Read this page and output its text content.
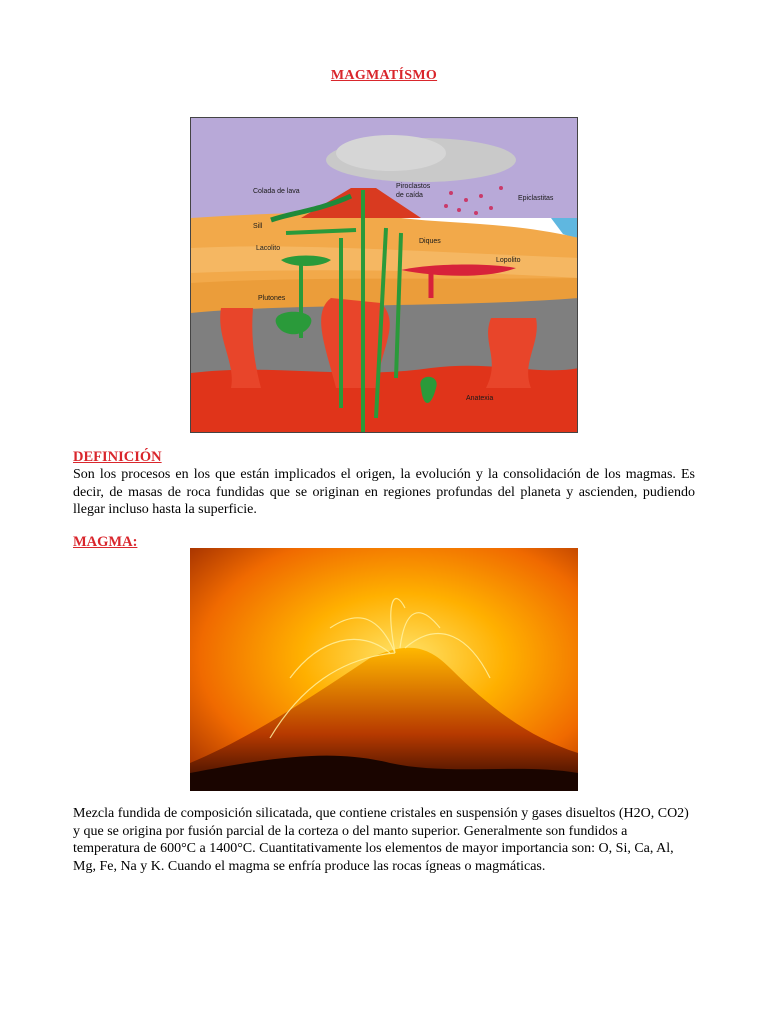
MAGMATÍSMO
Colada de lava
Piroclastos
de caída	Epiclastitas
Sill
Diques
Lacolito
Lopolito
Plutones
Anatexia
DEFINICIÓN
Son los procesos en los que están implicados el origen, la evolución y la consolidación de los magmas. Es decir, de masas de roca fundidas que se originan en regiones profundas del planeta y ascienden, pudiendo llegar incluso hasta la superficie.
MAGMA:
Mezcla fundida de composición silicatada, que contiene cristales en suspensión y gases disueltos (H2O, CO2) y que se origina por fusión parcial de la corteza o del manto superior. Generalmente son fundidos a temperatura de 600°C a 1400°C. Cuantitativamente los elementos de mayor importancia son: O, Si, Ca, Al, Mg, Fe, Na y K. Cuando el magma se enfría produce las rocas ígneas o magmáticas.
